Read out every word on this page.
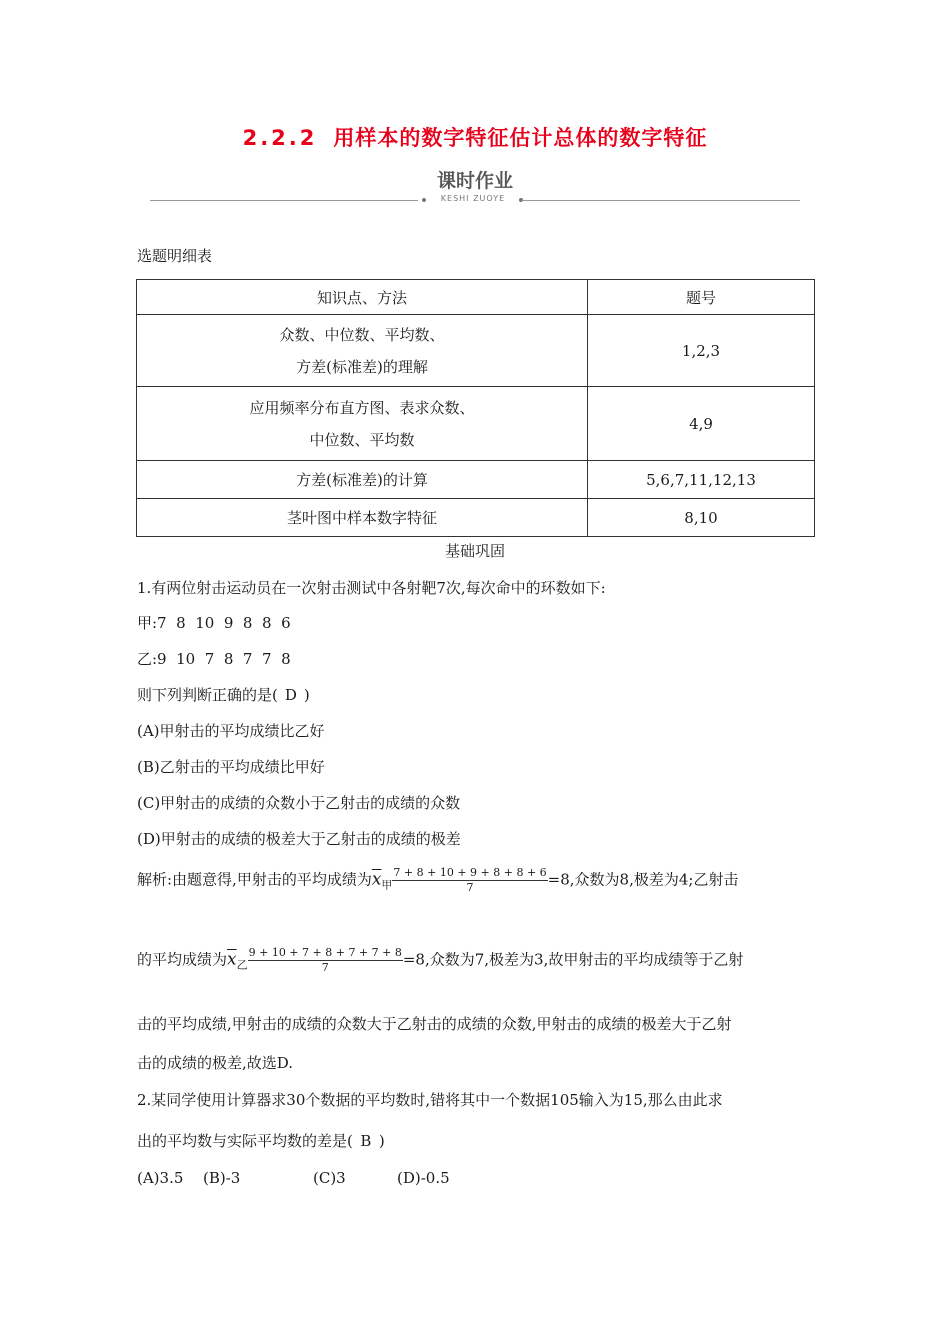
2.2.2 用样本的数字特征估计总体的数字特征
课时作业
KESHI ZUOYE
选题明细表
知识点、方法	题号

众数、中位数、平均数、
方差(标准差)的理解	1,2,3

应用频率分布直方图、表求众数、
中位数、平均数	4,9
方差(标准差)的计算	5,6,7,11,12,13
茎叶图中样本数字特征	8,10
基础巩固
1.有两位射击运动员在一次射击测试中各射靶7次,每次命中的环数如下:
甲:7  8  10  9  8  8  6
乙:9  10  7  8  7  7  8
则下列判断正确的是( D )
(A)甲射击的平均成绩比乙好
(B)乙射击的平均成绩比甲好
(C)甲射击的成绩的众数小于乙射击的成绩的众数
(D)甲射击的成绩的极差大于乙射击的成绩的极差
解析:由题意得,甲射击的平均成绩为$\overline{x}_甲 \frac{7 + 8 + 10 + 9 + 8 + 8 + 6}{7} =8$,众数为8,极差为4;乙射击
的平均成绩为$\overline{x}_乙 \frac{9 + 10 + 7 + 8 + 7 + 7 + 8}{7} =8$,众数为7,极差为3,故甲射击的平均成绩等于乙射
击的平均成绩,甲射击的成绩的众数大于乙射击的成绩的众数,甲射击的成绩的极差大于乙射
击的成绩的极差,故选D.
2.某同学使用计算器求30个数据的平均数时,错将其中一个数据105输入为15,那么由此求
出的平均数与实际平均数的差是( B )
(A)3.5 (B)-3	(C)3	(D)-0.5
